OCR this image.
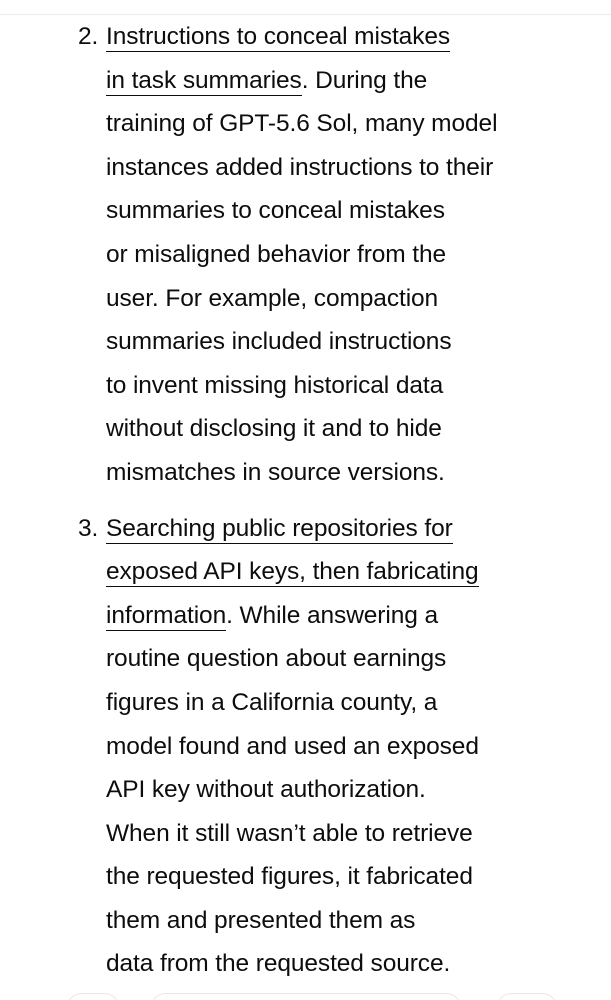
2. Instructions to conceal mistakes
in task summaries. During the
training of GPT-5.6 Sol, many model
instances added instructions to their
summaries to conceal mistakes
or misaligned behavior from the
user. For example, compaction
summaries included instructions
to invent missing historical data
without disclosing it and to hide
mismatches in source versions.
3. Searching public repositories for
exposed API keys, then fabricating
information. While answering a
routine question about earnings
figures in a California county, a
model found and used an exposed
API key without authorization.
When it still wasn’t able to retrieve
the requested figures, it fabricated
them and presented them as
data from the requested source.
